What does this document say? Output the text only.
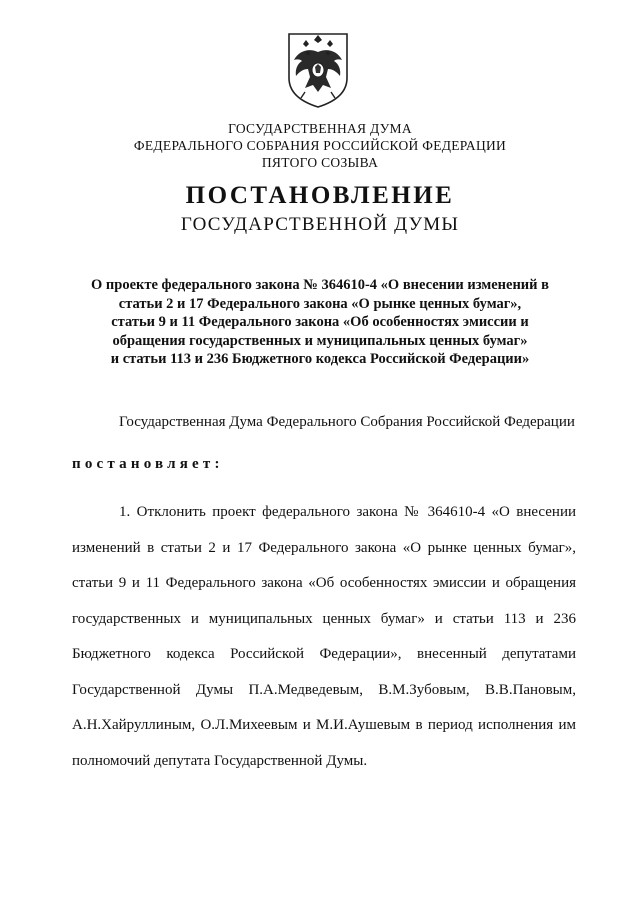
ГОСУДАРСТВЕННАЯ ДУМА
ФЕДЕРАЛЬНОГО СОБРАНИЯ РОССИЙСКОЙ ФЕДЕРАЦИИ
ПЯТОГО СОЗЫВА
ПОСТАНОВЛЕНИЕ
ГОСУДАРСТВЕННОЙ ДУМЫ
О проекте федерального закона № 364610-4 «О внесении изменений в
статьи 2 и 17 Федерального закона «О рынке ценных бумаг»,
статьи 9 и 11 Федерального закона «Об особенностях эмиссии и
обращения государственных и муниципальных ценных бумаг»
и статьи 113 и 236 Бюджетного кодекса Российской Федерации»
Государственная Дума Федерального Собрания Российской Федерации
постановляет:
1. Отклонить проект федерального закона № 364610-4 «О внесении
изменений в статьи 2 и 17 Федерального закона «О рынке ценных бумаг»,
статьи 9 и 11 Федерального закона «Об особенностях эмиссии и обращения
государственных и муниципальных ценных бумаг» и статьи 113 и 236
Бюджетного кодекса Российской Федерации», внесенный депутатами
Государственной Думы П.А.Медведевым, В.М.Зубовым, В.В.Пановым,
А.Н.Хайруллиным, О.Л.Михеевым и М.И.Аушевым в период исполнения им
полномочий депутата Государственной Думы.
